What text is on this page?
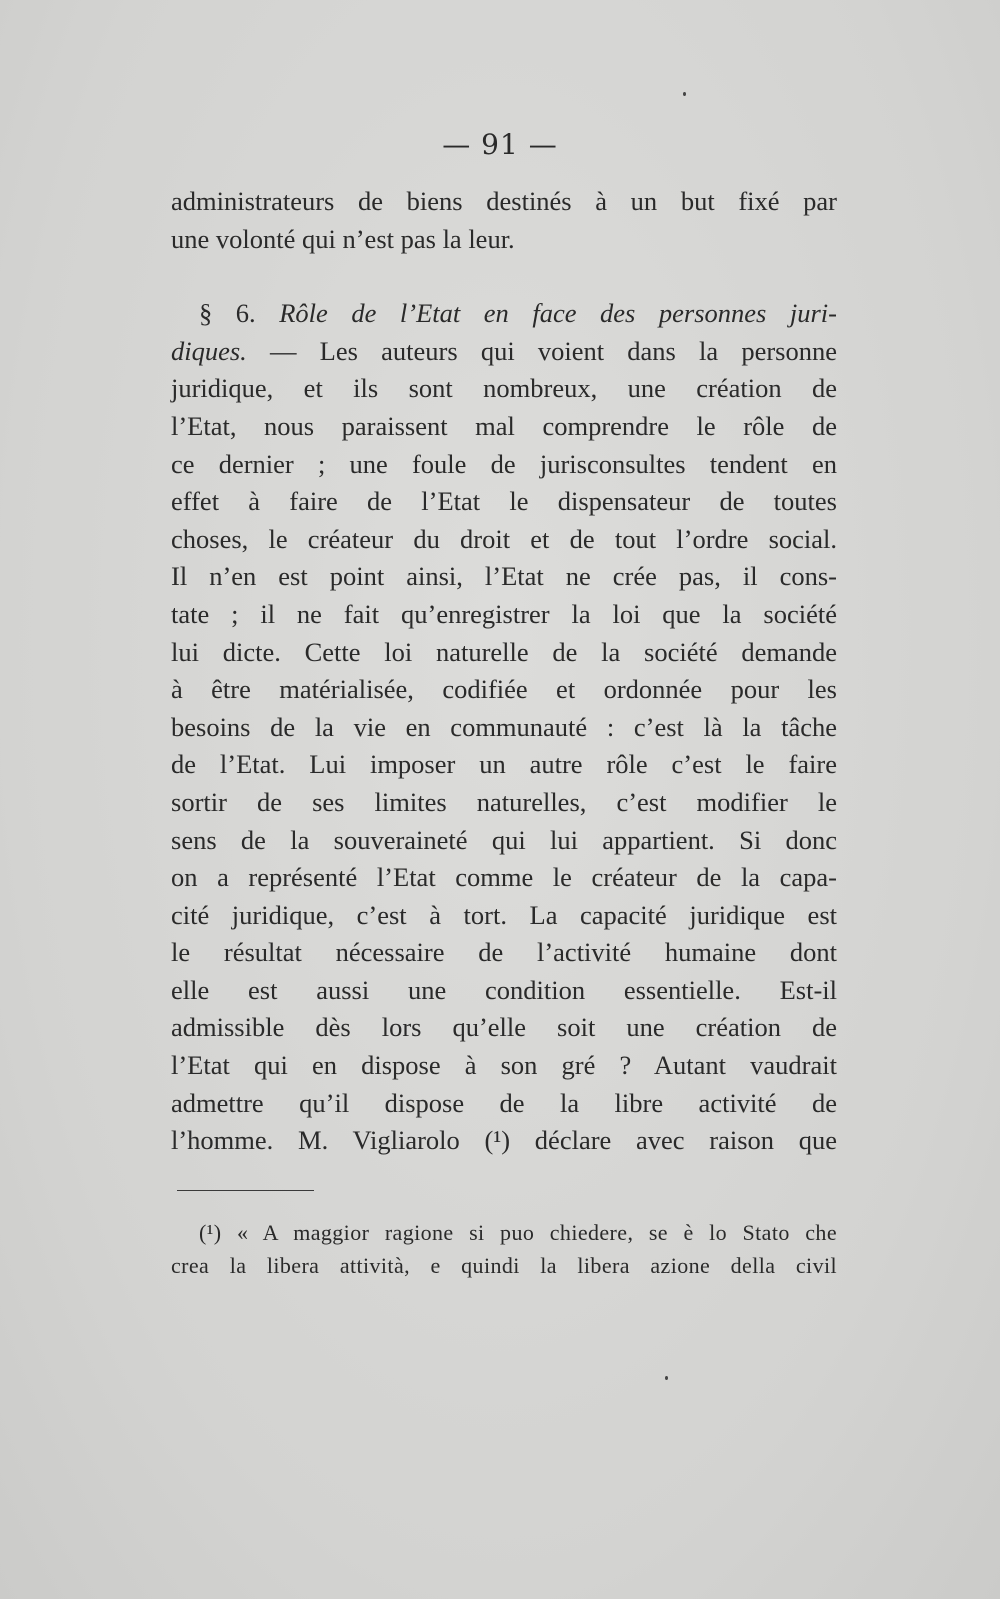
— 91 —
administrateurs de biens destinés à un but fixé par
une volonté qui n’est pas la leur.
§ 6. Rôle de l’Etat en face des personnes juri-
diques. — Les auteurs qui voient dans la personne
juridique, et ils sont nombreux, une création de
l’Etat, nous paraissent mal comprendre le rôle de
ce dernier ; une foule de jurisconsultes tendent en
effet à faire de l’Etat le dispensateur de toutes
choses, le créateur du droit et de tout l’ordre social.
Il n’en est point ainsi, l’Etat ne crée pas, il cons-
tate ; il ne fait qu’enregistrer la loi que la société
lui dicte. Cette loi naturelle de la société demande
à être matérialisée, codifiée et ordonnée pour les
besoins de la vie en communauté : c’est là la tâche
de l’Etat. Lui imposer un autre rôle c’est le faire
sortir de ses limites naturelles, c’est modifier le
sens de la souveraineté qui lui appartient. Si donc
on a représenté l’Etat comme le créateur de la capa-
cité juridique, c’est à tort. La capacité juridique est
le résultat nécessaire de l’activité humaine dont
elle est aussi une condition essentielle. Est-il
admissible dès lors qu’elle soit une création de
l’Etat qui en dispose à son gré ? Autant vaudrait
admettre qu’il dispose de la libre activité de
l’homme. M. Vigliarolo (¹) déclare avec raison que
(¹) « A maggior ragione si puo chiedere, se è lo Stato che
crea la libera attività, e quindi la libera azione della civil
